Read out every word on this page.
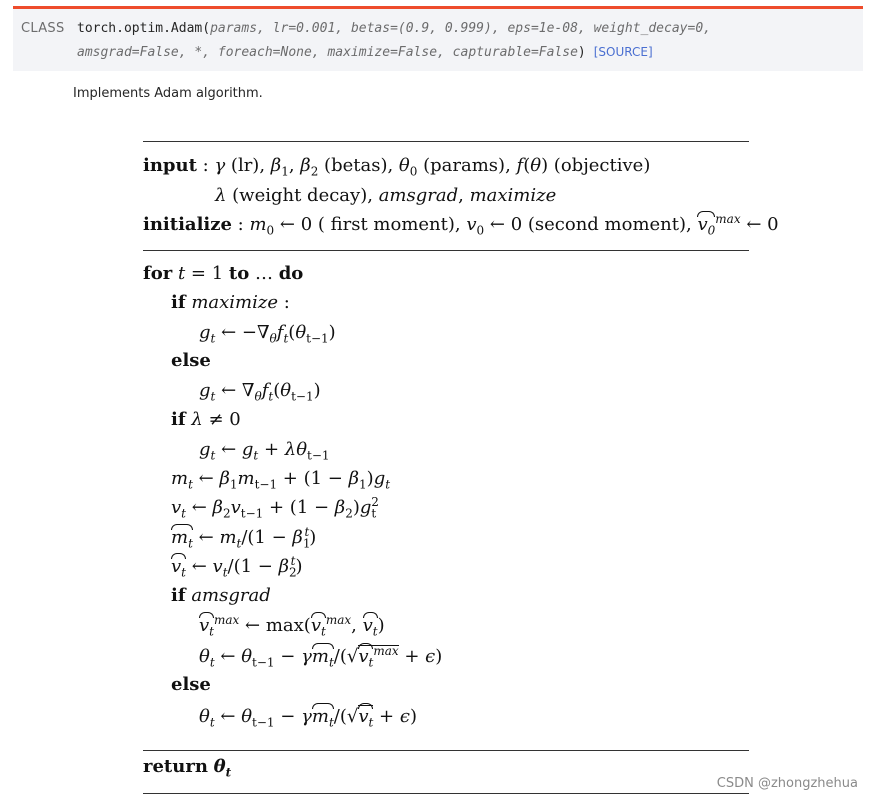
CLASS torch.optim.Adam(params, lr=0.001, betas=(0.9, 0.999), eps=1e-08, weight_decay=0,
amsgrad=False, *, foreach=None, maximize=False, capturable=False) [SOURCE]
Implements Adam algorithm.
input : γ (lr), $\beta_1$, $\beta_2$ (betas), $\theta_0$ (params), f(θ) (objective)
λ (weight decay), amsgrad, maximize
initialize : $m_0$ ← 0 ( first moment), $v_0$ ← 0 (second moment), $v_0^{max}$ ← 0
for t = 1 to … do
if maximize :
$g_t$ ← $-\nabla_\theta f_t(\theta_{t-1})$
else
$g_t$ ← $\nabla_\theta f_t(\theta_{t-1})$
if λ ≠ 0
$g_t$ ← $g_t + \lambda\theta_{t-1}$
$m_t$ ← $\beta_1m_{t-1} + (1 - \beta_1)g_t$
$v_t$ ← $\beta_2v_{t-1} + (1 - \beta_2)g_t^2$
$m_t$ ← $m_t/(1 - \beta_1^t)$
$v_t$ ← $v_t/(1 - \beta_2^t)$
if amsgrad
$v_t^{max}$ ← $\max(v_t^{max}$, $v_t$)
$\theta_t$ ← $\theta_{t-1} - \gamma m_t/(√v_t^{max} + \epsilon)$
else
$\theta_t$ ← $\theta_{t-1} - \gamma m_t/(√v_t + \epsilon)$
return $\theta_t$
CSDN @zhongzhehua
